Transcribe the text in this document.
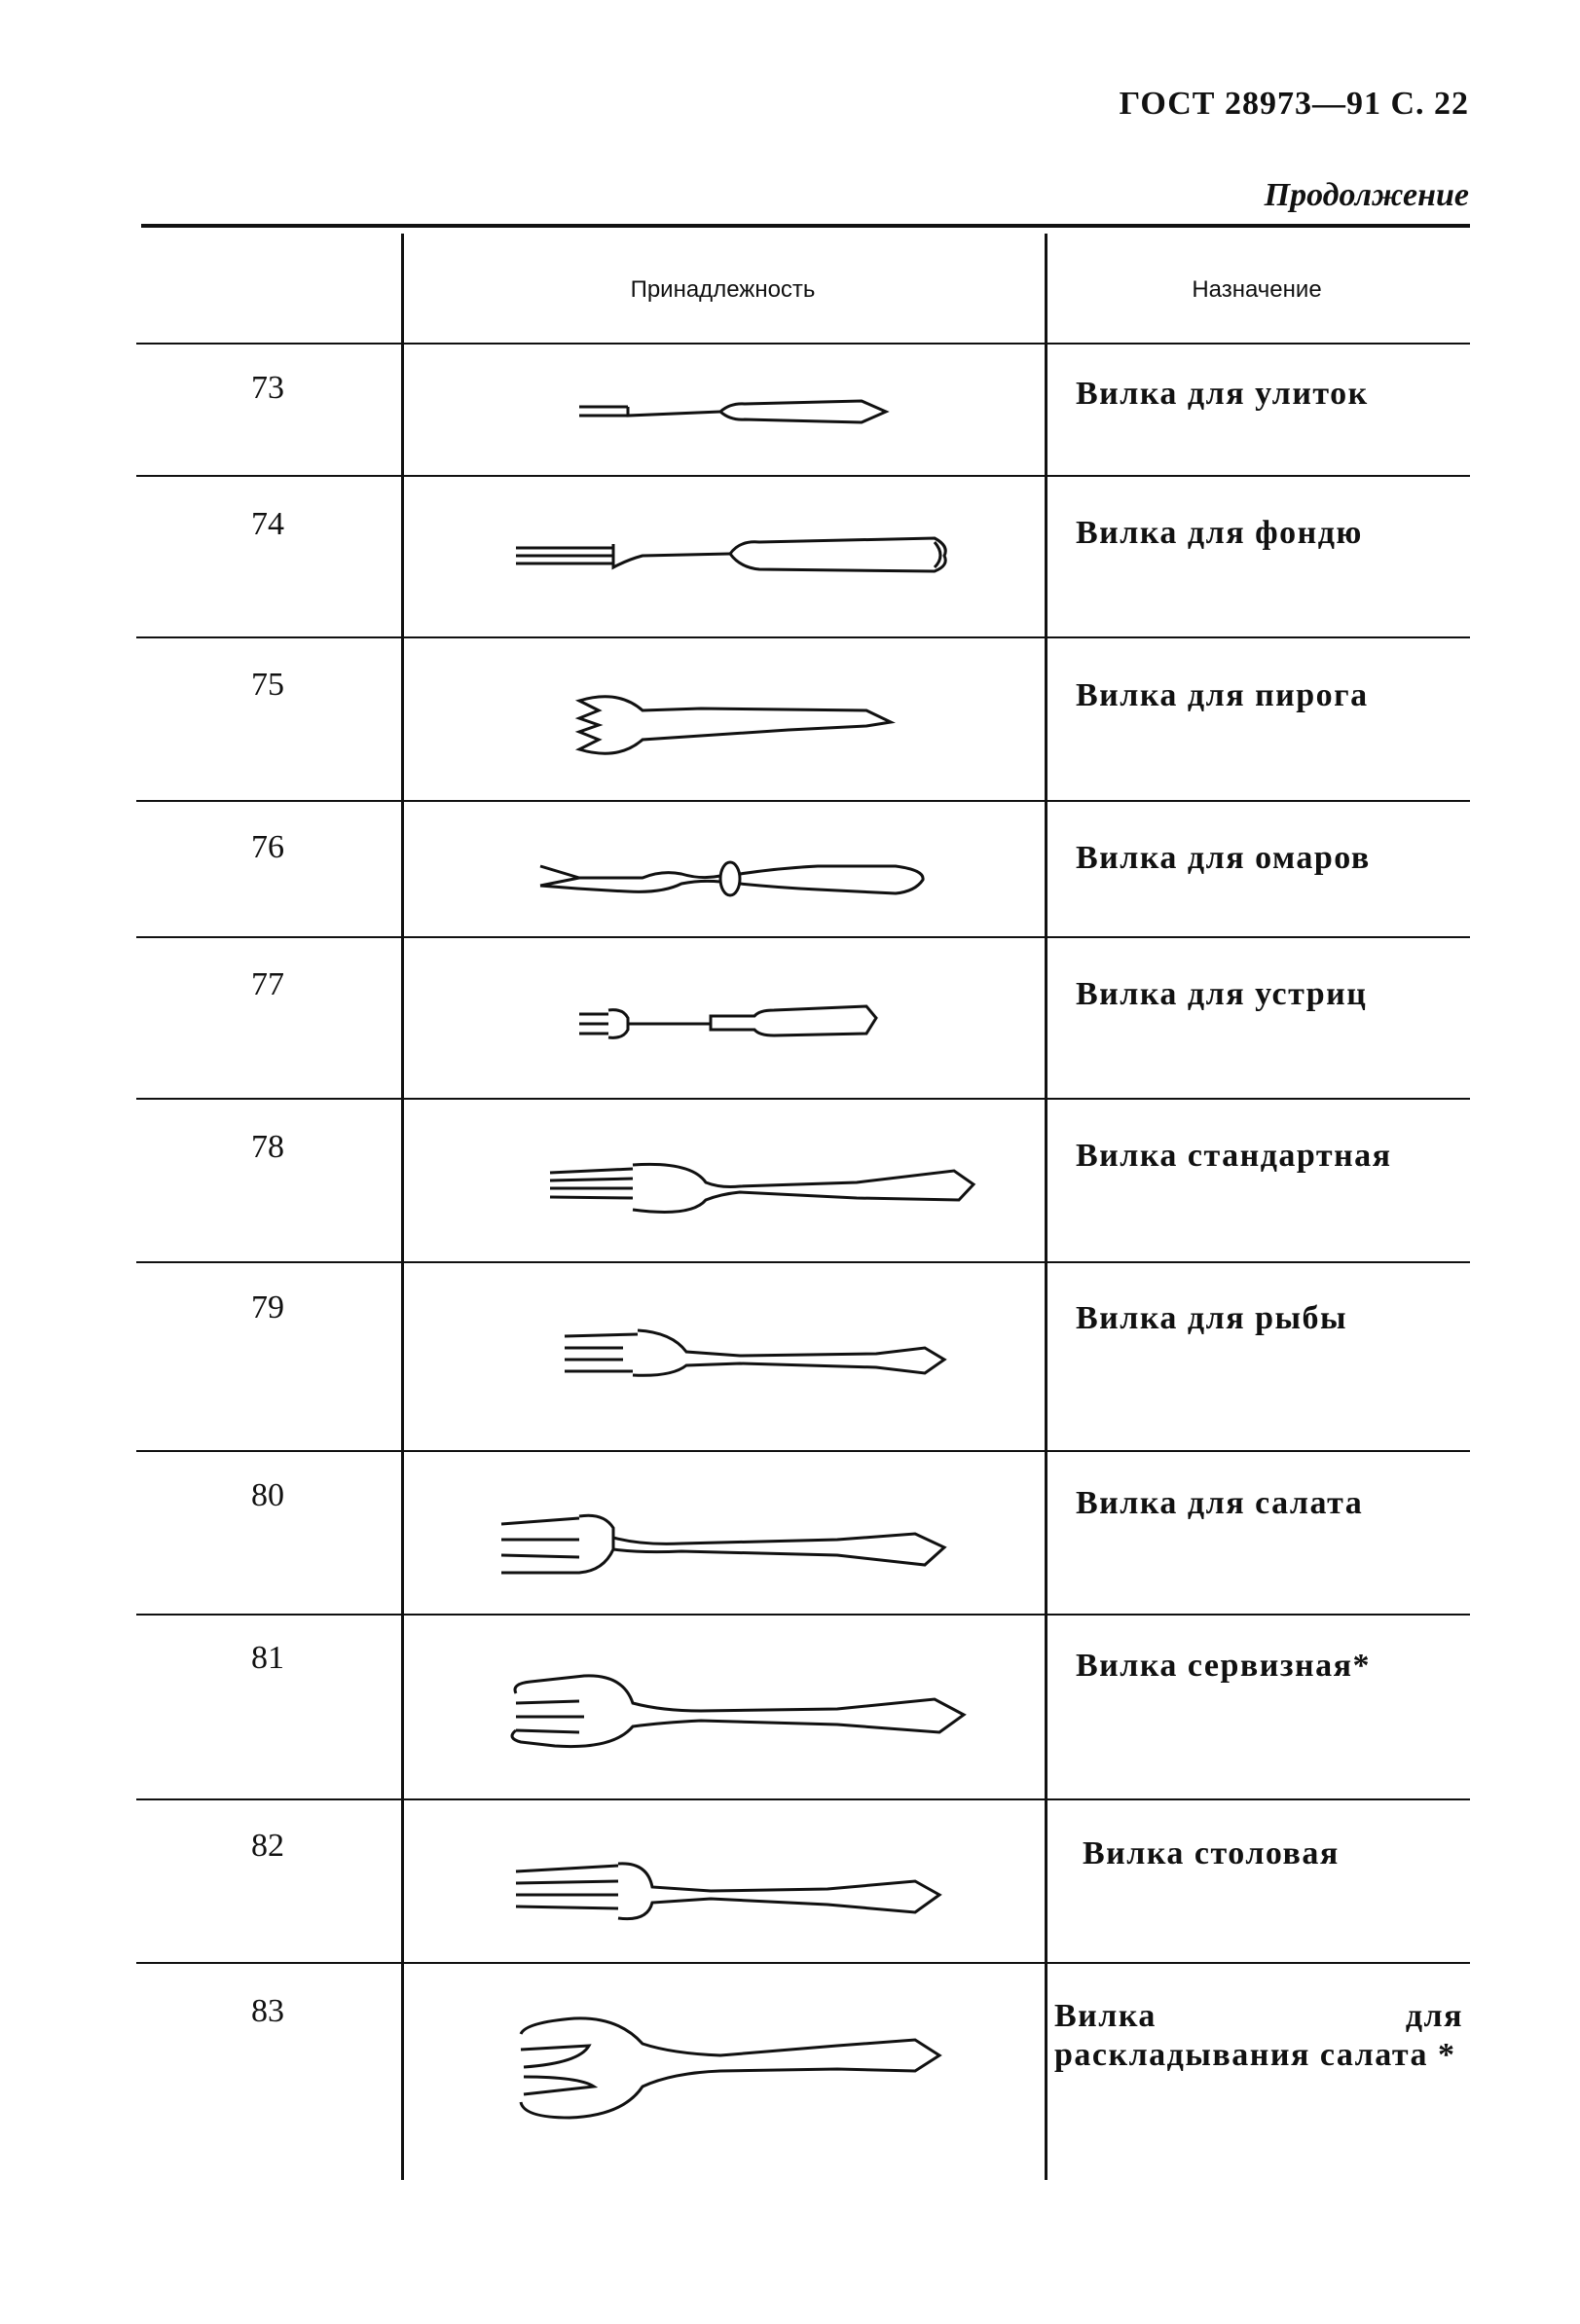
ГОСТ 28973—91 С. 22
Продолжение
Принадлежность	Назначение
73	Вилка для улиток
74	Вилка для фондю
75	Вилка для пирога
76	Вилка для омаров
77	Вилка для устриц
78	Вилка стандартная
79	Вилка для рыбы
80	Вилка для салата
81	Вилка сервизная*
82	Вилка столовая
83	Вилка для раскладывания салата *
